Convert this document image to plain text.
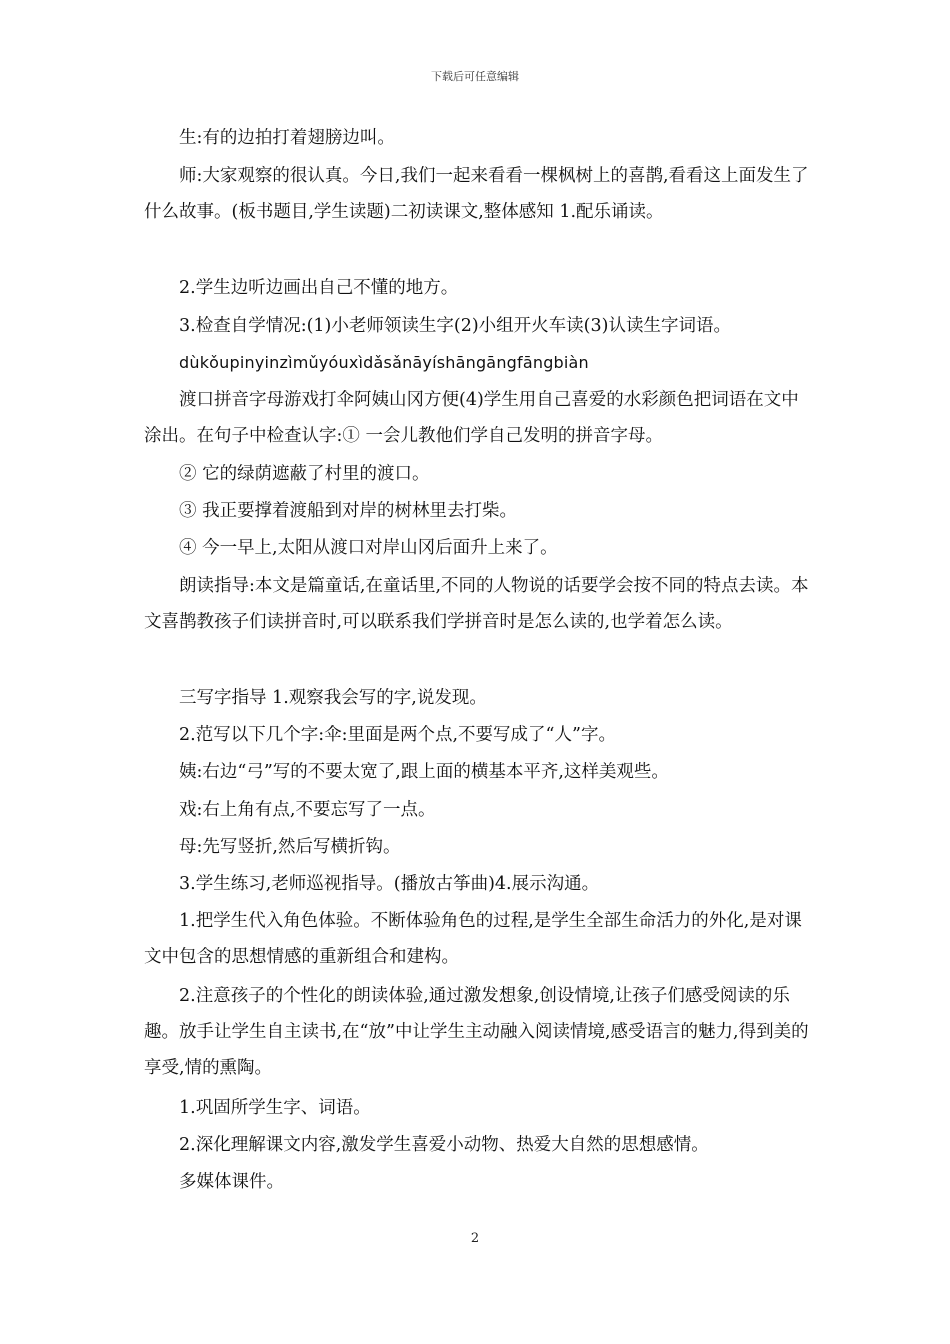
下载后可任意编辑

生:有的边拍打着翅膀边叫。

师:大家观察的很认真。今日,我们一起来看看一棵枫树上的喜鹊,看看这上面发生了什么故事。(板书题目,学生读题)二初读课文,整体感知 1.配乐诵读。

2.学生边听边画出自己不懂的地方。

3.检查自学情况:(1)小老师领读生字(2)小组开火车读(3)认读生字词语。

dùkǒupinyinzìmǔyóuxìdǎsǎnāyíshāngāngfāngbiàn

渡口拼音字母游戏打伞阿姨山冈方便(4)学生用自己喜爱的水彩颜色把词语在文中涂出。在句子中检查认字:① 一会儿教他们学自己发明的拼音字母。

② 它的绿荫遮蔽了村里的渡口。

③ 我正要撑着渡船到对岸的树林里去打柴。

④ 今一早上,太阳从渡口对岸山冈后面升上来了。

朗读指导:本文是篇童话,在童话里,不同的人物说的话要学会按不同的特点去读。本文喜鹊教孩子们读拼音时,可以联系我们学拼音时是怎么读的,也学着怎么读。

三写字指导 1.观察我会写的字,说发现。

2.范写以下几个字:伞:里面是两个点,不要写成了“人”字。

姨:右边“弓”写的不要太宽了,跟上面的横基本平齐,这样美观些。

戏:右上角有点,不要忘写了一点。

母:先写竖折,然后写横折钩。

3.学生练习,老师巡视指导。(播放古筝曲)4.展示沟通。

1.把学生代入角色体验。不断体验角色的过程,是学生全部生命活力的外化,是对课文中包含的思想情感的重新组合和建构。

2.注意孩子的个性化的朗读体验,通过激发想象,创设情境,让孩子们感受阅读的乐趣。放手让学生自主读书,在“放”中让学生主动融入阅读情境,感受语言的魅力,得到美的享受,情的熏陶。

1.巩固所学生字、词语。

2.深化理解课文内容,激发学生喜爱小动物、热爱大自然的思想感情。

多媒体课件。

2
